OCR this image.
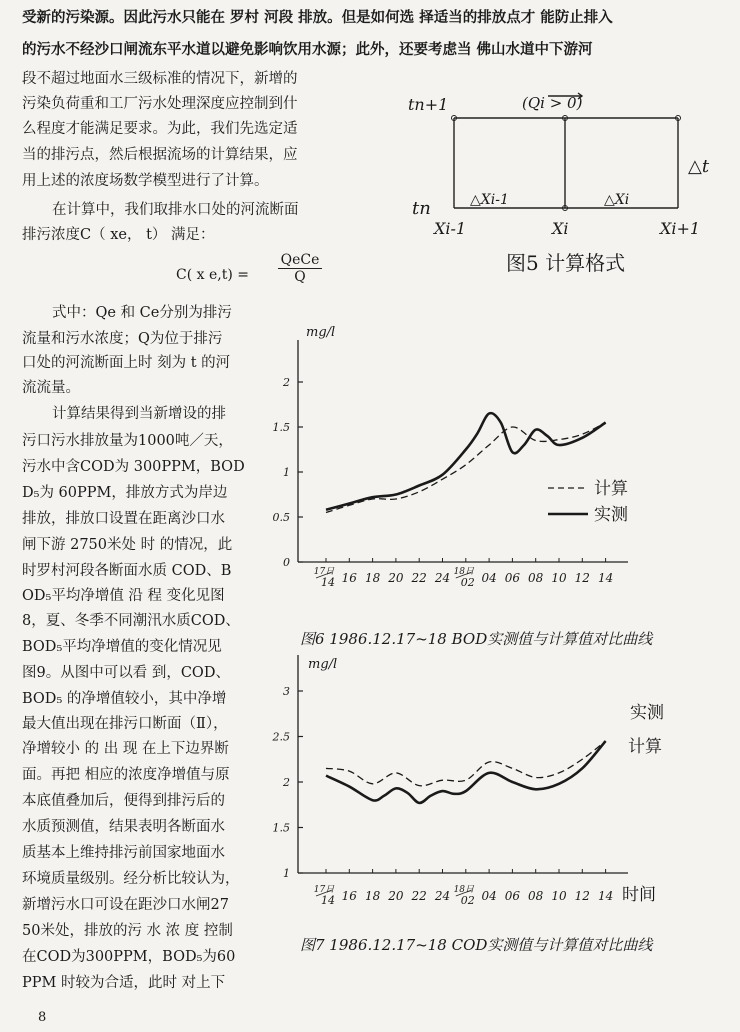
受新的污染源。因此污水只能在 罗村 河段 排放。但是如何选 择适当的排放点才 能防止排入
的污水不经沙口闸流东平水道以避免影响饮用水源；此外，还要考虑当 佛山水道中下游河
段不超过地面水三级标准的情况下，新增的
污染负荷重和工厂污水处理深度应控制到什
么程度才能满足要求。为此，我们先选定适
当的排污点，然后根据流场的计算结果，应
用上述的浓度场数学模型进行了计算。
在计算中，我们取排水口处的河流断面
排污浓度C（ xe， t） 满足：
C( x e,t) =
QeCe
Q
式中：Qe 和 Ce分别为排污
流量和污水浓度；Q为位于排污
口处的河流断面上时 刻为 t 的河
流流量。
计算结果得到当新增设的排
污口污水排放量为1000吨／天，
污水中含COD为 300PPM，BOD
D₅为 60PPM，排放方式为岸边
排放，排放口设置在距离沙口水
闸下游 2750米处 时 的情况，此
时罗村河段各断面水质 COD、B
OD₅平均净增值 沿 程 变化见图
8，夏、冬季不同潮汛水质COD、
BOD₅平均净增值的变化情况见
图9。从图中可以看 到，COD、
BOD₅ 的净增值较小，其中净增
最大值出现在排污口断面（Ⅱ），
净增较小 的 出 现 在上下边界断
面。再把 相应的浓度净增值与原
本底值叠加后，便得到排污后的
水质预测值，结果表明各断面水
质基本上维持排污前国家地面水
环境质量级别。经分析比较认为，
新增污水口可设在距沙口水闸27
50米处，排放的污 水 浓 度 控制
在COD为300PPM，BOD₅为60
PPM 时较为合适，此时 对上下
8
tn+1
tn
(Qi > 0)
△Xi-1	△Xi
△t
Xi-1	Xi	Xi+1
图5 计算格式
0
0.5
1
1.5
2
17日
14 16 18 20 22 24 18日
02 04 06 08 10 12 14
mg/l
计算
实测
图6 1986.12.17~18 BOD实测值与计算值对比曲线
1
1.5
2
2.5
3
17日
14 16 18 20 22 24 18日
02 04 06 08 10 12 14
mg/l
实测
计算
时间
图7 1986.12.17~18 COD实测值与计算值对比曲线
